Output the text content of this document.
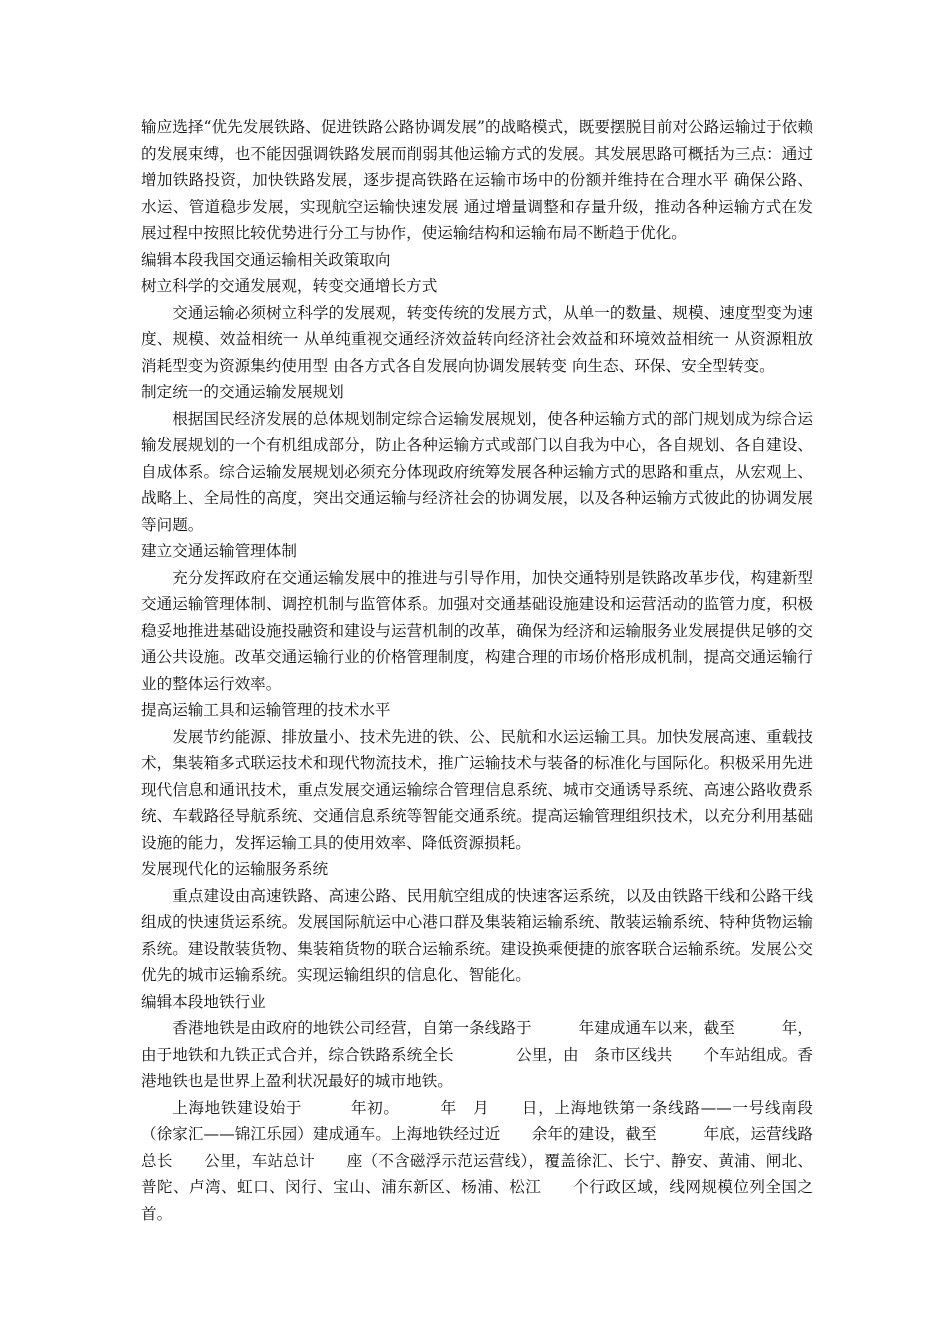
输应选择“优先发展铁路、促进铁路公路协调发展”的战略模式，既要摆脱目前对公路运输过于依赖的发展束缚，也不能因强调铁路发展而削弱其他运输方式的发展。其发展思路可概括为三点：通过增加铁路投资，加快铁路发展，逐步提高铁路在运输市场中的份额并维持在合理水平 确保公路、水运、管道稳步发展，实现航空运输快速发展 通过增量调整和存量升级，推动各种运输方式在发展过程中按照比较优势进行分工与协作，使运输结构和运输布局不断趋于优化。

编辑本段我国交通运输相关政策取向

树立科学的交通发展观，转变交通增长方式

交通运输必须树立科学的发展观，转变传统的发展方式，从单一的数量、规模、速度型变为速度、规模、效益相统一 从单纯重视交通经济效益转向经济社会效益和环境效益相统一 从资源粗放消耗型变为资源集约使用型 由各方式各自发展向协调发展转变 向生态、环保、安全型转变。

制定统一的交通运输发展规划

根据国民经济发展的总体规划制定综合运输发展规划，使各种运输方式的部门规划成为综合运输发展规划的一个有机组成部分，防止各种运输方式或部门以自我为中心，各自规划、各自建设、自成体系。综合运输发展规划必须充分体现政府统筹发展各种运输方式的思路和重点，从宏观上、战略上、全局性的高度，突出交通运输与经济社会的协调发展，以及各种运输方式彼此的协调发展等问题。

建立交通运输管理体制

充分发挥政府在交通运输发展中的推进与引导作用，加快交通特别是铁路改革步伐，构建新型交通运输管理体制、调控机制与监管体系。加强对交通基础设施建设和运营活动的监管力度，积极稳妥地推进基础设施投融资和建设与运营机制的改革，确保为经济和运输服务业发展提供足够的交通公共设施。改革交通运输行业的价格管理制度，构建合理的市场价格形成机制，提高交通运输行业的整体运行效率。

提高运输工具和运输管理的技术水平

发展节约能源、排放量小、技术先进的铁、公、民航和水运运输工具。加快发展高速、重载技术，集装箱多式联运技术和现代物流技术，推广运输技术与装备的标准化与国际化。积极采用先进现代信息和通讯技术，重点发展交通运输综合管理信息系统、城市交通诱导系统、高速公路收费系统、车载路径导航系统、交通信息系统等智能交通系统。提高运输管理组织技术，以充分利用基础设施的能力，发挥运输工具的使用效率、降低资源损耗。

发展现代化的运输服务系统

重点建设由高速铁路、高速公路、民用航空组成的快速客运系统，以及由铁路干线和公路干线组成的快速货运系统。发展国际航运中心港口群及集装箱运输系统、散装运输系统、特种货物运输系统。建设散装货物、集装箱货物的联合运输系统。建设换乘便捷的旅客联合运输系统。发展公交优先的城市运输系统。实现运输组织的信息化、智能化。

编辑本段地铁行业

香港地铁是由政府的地铁公司经营，自第一条线路于　　　年建成通车以来，截至　　　年，由于地铁和九铁正式合并，综合铁路系统全长　　　　公里，由　条市区线共　　个车站组成。香港地铁也是世界上盈利状况最好的城市地铁。

上海地铁建设始于　　　年初。　　　年　月　　日，上海地铁第一条线路——一号线南段（徐家汇——锦江乐园）建成通车。上海地铁经过近　　余年的建设，截至　　　年底，运营线路总长　　公里，车站总计　　座（不含磁浮示范运营线），覆盖徐汇、长宁、静安、黄浦、闸北、普陀、卢湾、虹口、闵行、宝山、浦东新区、杨浦、松江　　个行政区域，线网规模位列全国之首。
